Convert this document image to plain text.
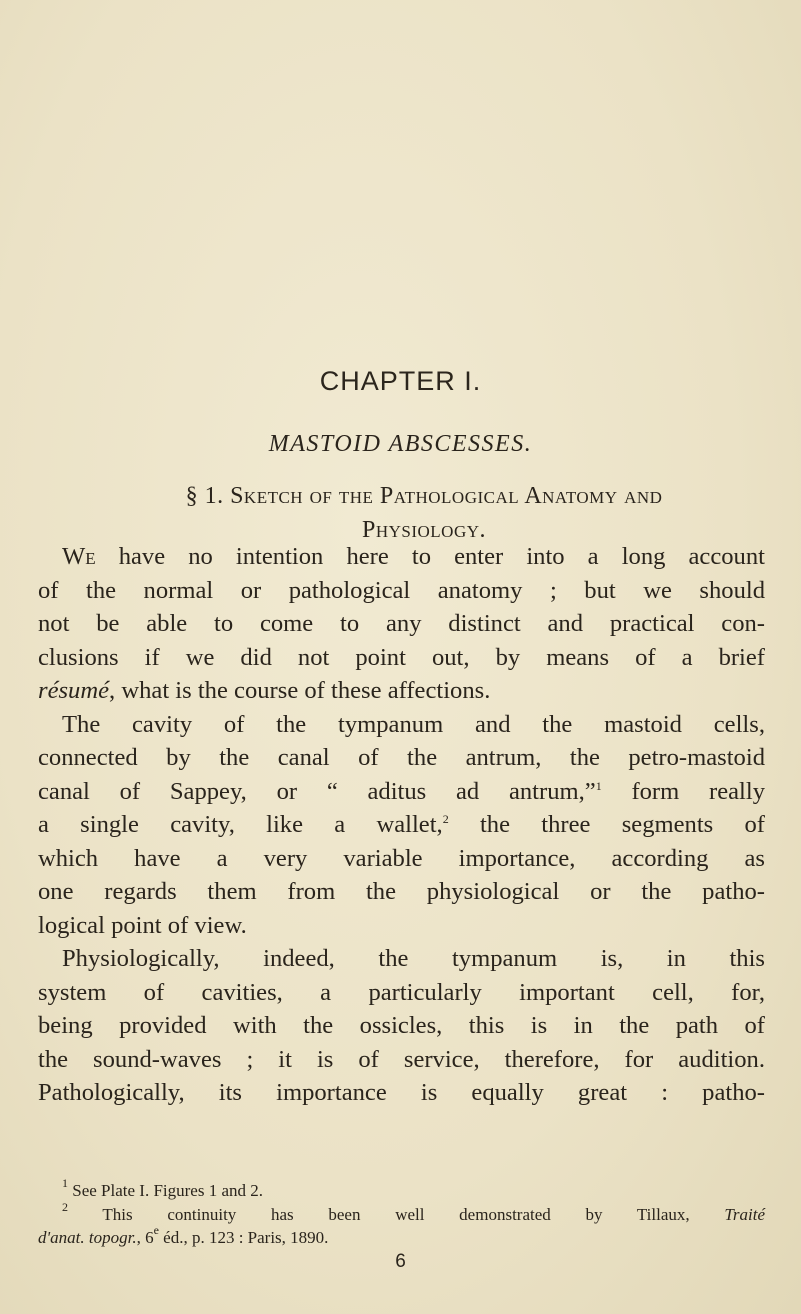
CHAPTER I.
MASTOID ABSCESSES.
§ 1. Sketch of the Pathological Anatomy and
Physiology.
We have no intention here to enter into a long account
of the normal or pathological anatomy ; but we should
not be able to come to any distinct and practical con-
clusions if we did not point out, by means of a brief
résumé, what is the course of these affections.
The cavity of the tympanum and the mastoid cells,
connected by the canal of the antrum, the petro-mastoid
canal of Sappey, or “ aditus ad antrum,”$^1$ form really
a single cavity, like a wallet,$^2$ the three segments of
which have a very variable importance, according as
one regards them from the physiological or the patho-
logical point of view.
Physiologically, indeed, the tympanum is, in this
system of cavities, a particularly important cell, for,
being provided with the ossicles, this is in the path of
the sound-waves ; it is of service, therefore, for audition.
Pathologically, its importance is equally great : patho-
$^1$ See Plate I. Figures 1 and 2.
$^2$ This continuity has been well demonstrated by Tillaux, Traité
d'anat. topogr., 6e éd., p. 123 : Paris, 1890.
6
